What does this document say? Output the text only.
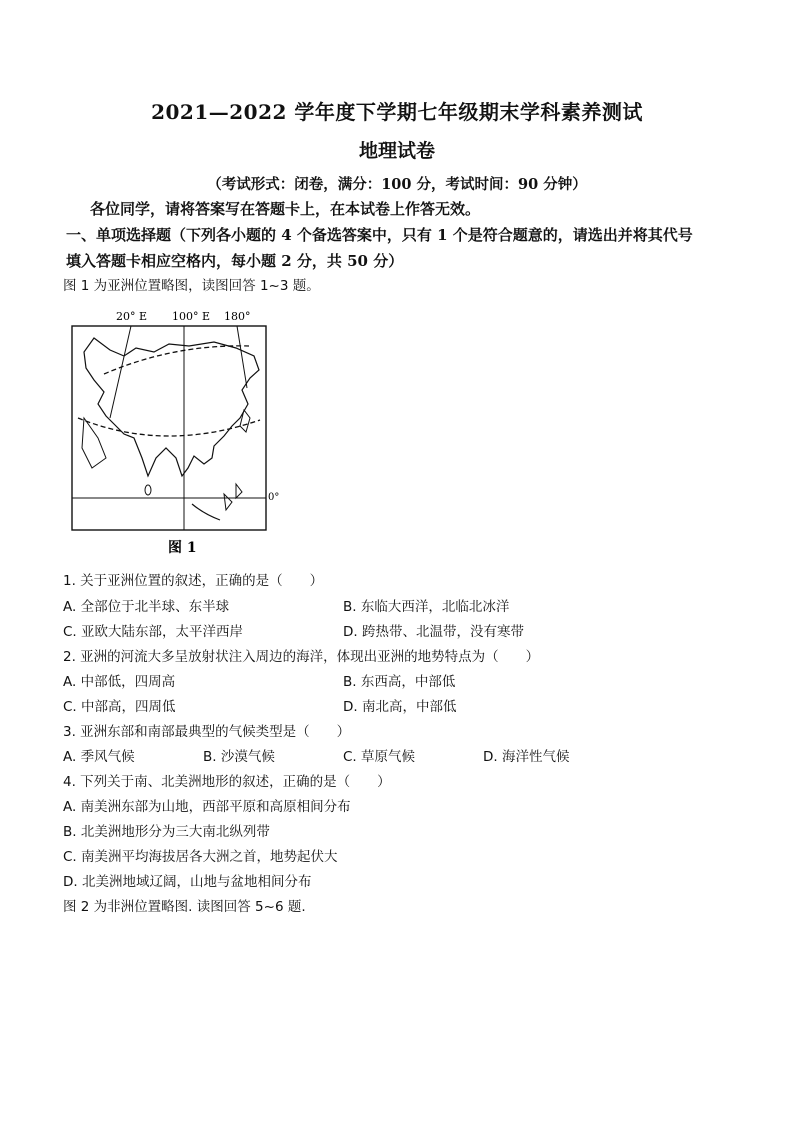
2021—2022 学年度下学期七年级期末学科素养测试
地理试卷
（考试形式：闭卷，满分：100 分，考试时间：90 分钟）
各位同学，请将答案写在答题卡上，在本试卷上作答无效。
一、单项选择题（下列各小题的 4 个备选答案中，只有 1 个是符合题意的，请选出并将其代号
填入答题卡相应空格内，每小题 2 分，共 50 分）
图 1 为亚洲位置略图，读图回答 1~3 题。
20° E 100° E 180°
0°
图 1
1. 关于亚洲位置的叙述，正确的是（　　）
A. 全部位于北半球、东半球	B. 东临大西洋，北临北冰洋
C. 亚欧大陆东部，太平洋西岸	D. 跨热带、北温带，没有寒带
2. 亚洲的河流大多呈放射状注入周边的海洋，体现出亚洲的地势特点为（　　）
A. 中部低，四周高	B. 东西高，中部低
C. 中部高，四周低	D. 南北高，中部低
3. 亚洲东部和南部最典型的气候类型是（　　）
A. 季风气候	B. 沙漠气候	C. 草原气候	D. 海洋性气候
4. 下列关于南、北美洲地形的叙述，正确的是（　　）
A. 南美洲东部为山地，西部平原和高原相间分布
B. 北美洲地形分为三大南北纵列带
C. 南美洲平均海拔居各大洲之首，地势起伏大
D. 北美洲地域辽阔，山地与盆地相间分布
图 2 为非洲位置略图. 读图回答 5~6 题.
